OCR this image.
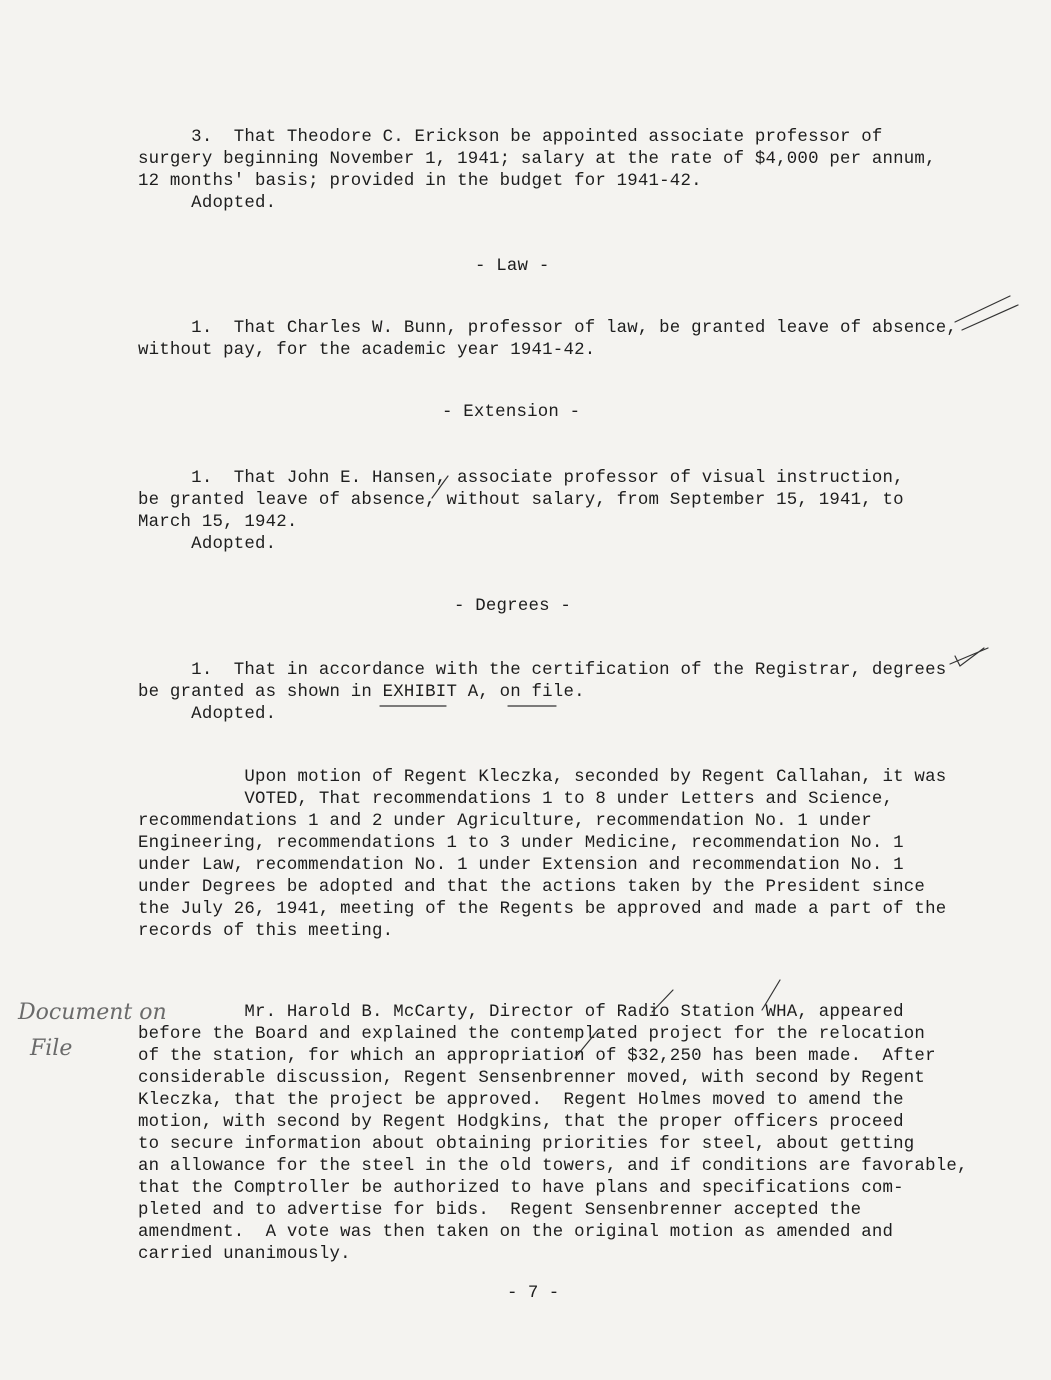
3.  That Theodore C. Erickson be appointed associate professor of
surgery beginning November 1, 1941; salary at the rate of $4,000 per annum,
12 months' basis; provided in the budget for 1941-42.
Adopted.
- Law -
1.  That Charles W. Bunn, professor of law, be granted leave of absence,
without pay, for the academic year 1941-42.
- Extension -
1.  That John E. Hansen, associate professor of visual instruction,
be granted leave of absence, without salary, from September 15, 1941, to
March 15, 1942.
Adopted.
- Degrees -
1.  That in accordance with the certification of the Registrar, degrees
be granted as shown in EXHIBIT A, on file.
Adopted.
Upon motion of Regent Kleczka, seconded by Regent Callahan, it was
VOTED, That recommendations 1 to 8 under Letters and Science,
recommendations 1 and 2 under Agriculture, recommendation No. 1 under
Engineering, recommendations 1 to 3 under Medicine, recommendation No. 1
under Law, recommendation No. 1 under Extension and recommendation No. 1
under Degrees be adopted and that the actions taken by the President since
the July 26, 1941, meeting of the Regents be approved and made a part of the
records of this meeting.
Document on
File
Mr. Harold B. McCarty, Director of Radio Station WHA, appeared
before the Board and explained the contemplated project for the relocation
of the station, for which an appropriation of $32,250 has been made.  After
considerable discussion, Regent Sensenbrenner moved, with second by Regent
Kleczka, that the project be approved.  Regent Holmes moved to amend the
motion, with second by Regent Hodgkins, that the proper officers proceed
to secure information about obtaining priorities for steel, about getting
an allowance for the steel in the old towers, and if conditions are favorable,
that the Comptroller be authorized to have plans and specifications com-
pleted and to advertise for bids.  Regent Sensenbrenner accepted the
amendment.  A vote was then taken on the original motion as amended and
carried unanimously.
- 7 -
